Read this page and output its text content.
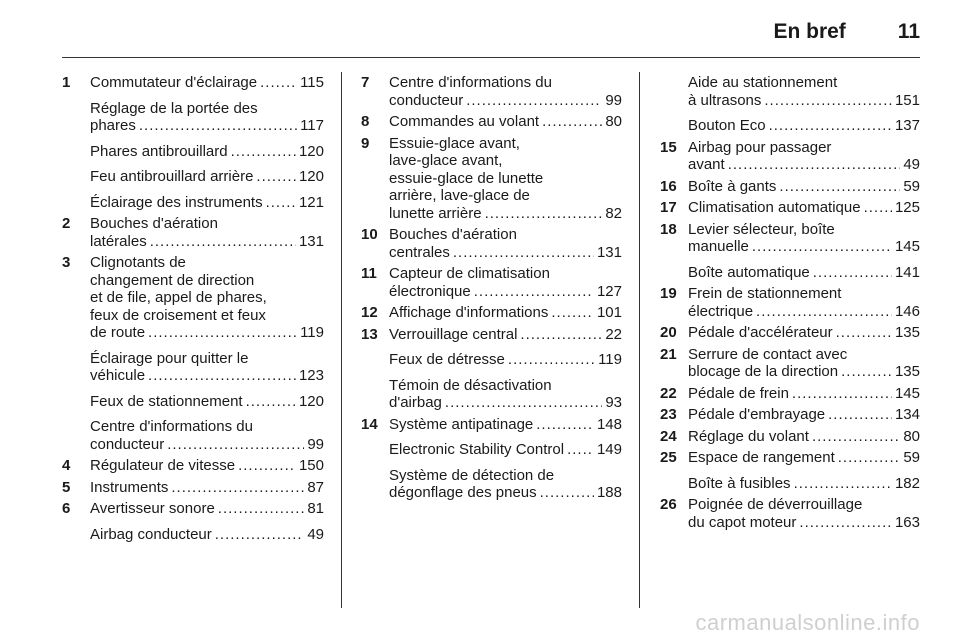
En bref 11
1 Commutateur d'éclairage .....	115
Réglage de la portée des
phares .....	117
Phares antibrouillard .....	120
Feu antibrouillard arrière .....	120
Éclairage des instruments ..... 121
2 Bouches d'aération
latérales .....	131
3 Clignotants de
changement de direction
et de file, appel de phares,
feux de croisement et feux
de route .....	119
Éclairage pour quitter le
véhicule .....	123
Feux de stationnement .....	120
Centre d'informations du
conducteur .....	99
4 Régulateur de vitesse .....	150
5 Instruments .....	87
6 Avertisseur sonore .....	81
Airbag conducteur .....	49
7 Centre d'informations du
conducteur .....	99
8 Commandes au volant .....	80
9 Essuie-glace avant,
lave-glace avant,
essuie-glace de lunette
arrière, lave-glace de
lunette arrière .....	82
10 Bouches d'aération
centrales .....	131
11 Capteur de climatisation
électronique .....	127
12 Affichage d'informations .....	101
13 Verrouillage central .....	22
Feux de détresse .....	119
Témoin de désactivation
d'airbag .....	93
14 Système antipatinage .....	148
Electronic Stability Control ..... 149
Système de détection de
dégonflage des pneus .....	188
Aide au stationnement
à ultrasons .....	151
Bouton Eco .....	137
15 Airbag pour passager
avant .....	49
16 Boîte à gants .....	59
17 Climatisation automatique ..... 125
18 Levier sélecteur, boîte
manuelle .....	145
Boîte automatique .....	141
19 Frein de stationnement
électrique .....	146
20 Pédale d'accélérateur .....	135
21 Serrure de contact avec
blocage de la direction .....	135
22 Pédale de frein .....	145
23 Pédale d'embrayage .....	134
24 Réglage du volant .....	80
25 Espace de rangement .....	59
Boîte à fusibles .....	182
26 Poignée de déverrouillage
du capot moteur .....	163
carmanualsonline.info
